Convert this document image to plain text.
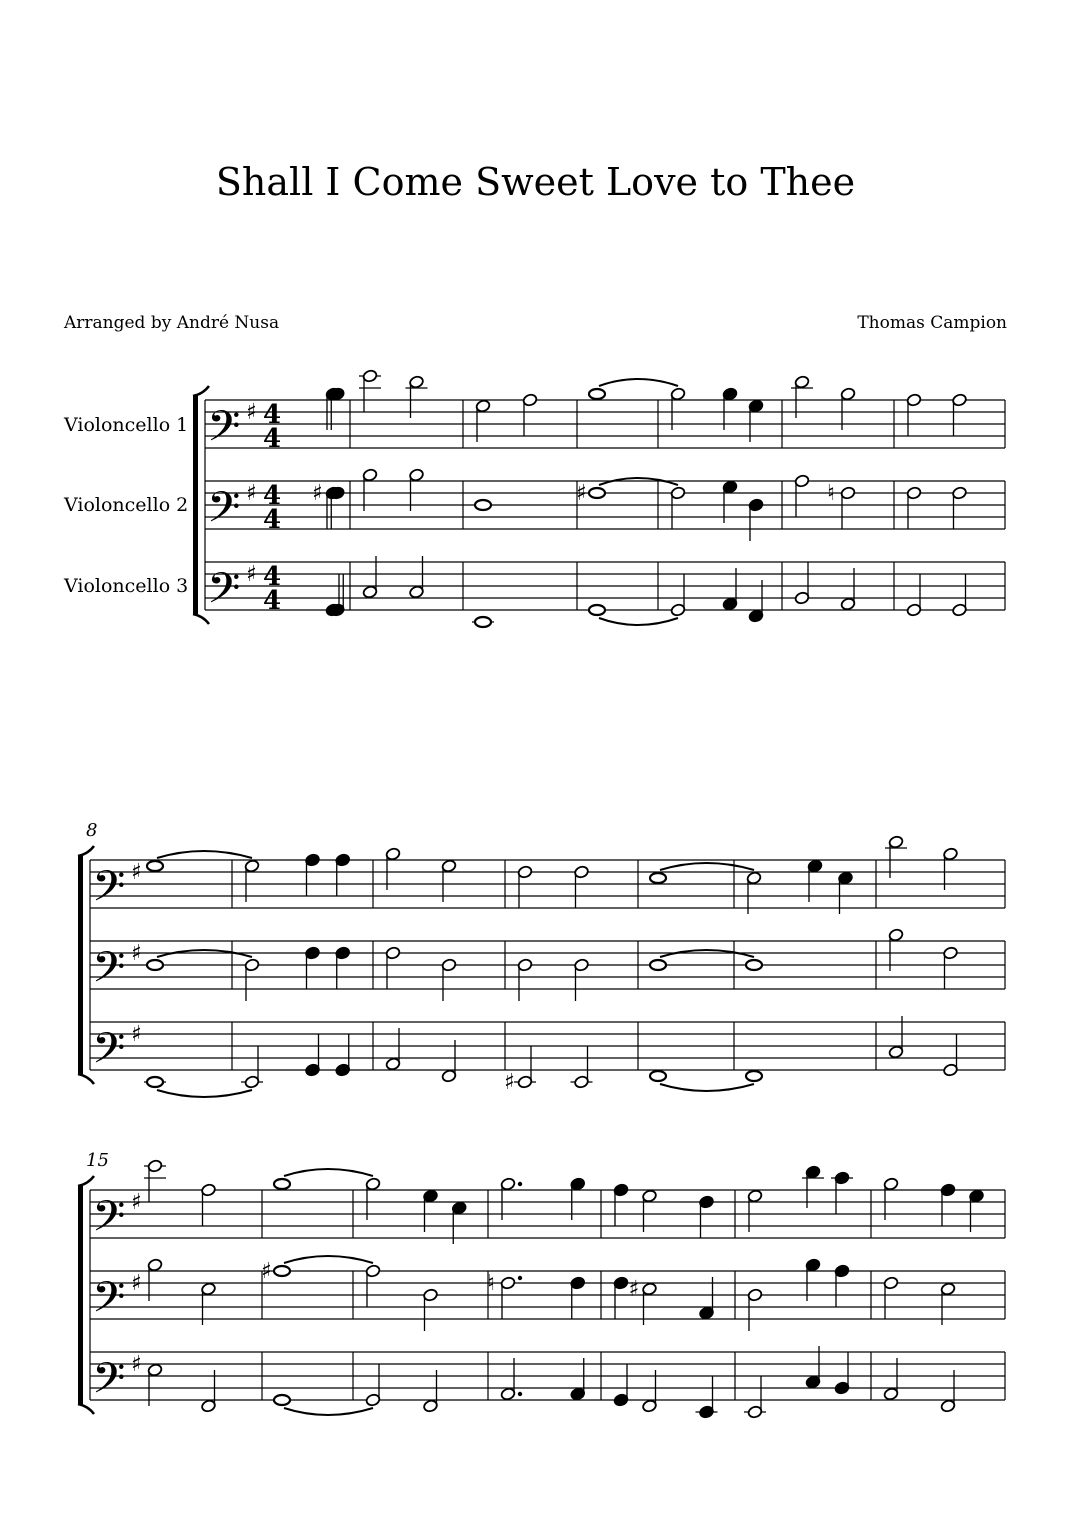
Shall I Come Sweet Love to Thee
Arranged by André Nusa	Thomas Campion
Violoncello 1
Violoncello 2
Violoncello 3
𝄢 ♯ 4
4
𝄢 ♯ 4
4
𝄢 ♯ 4
4
♯	♯	♮
𝄢 ♯
𝄢 ♯
𝄢 ♯
8
♯
𝄢 ♯
𝄢 ♯
𝄢 ♯
15
♯	♮	♯
